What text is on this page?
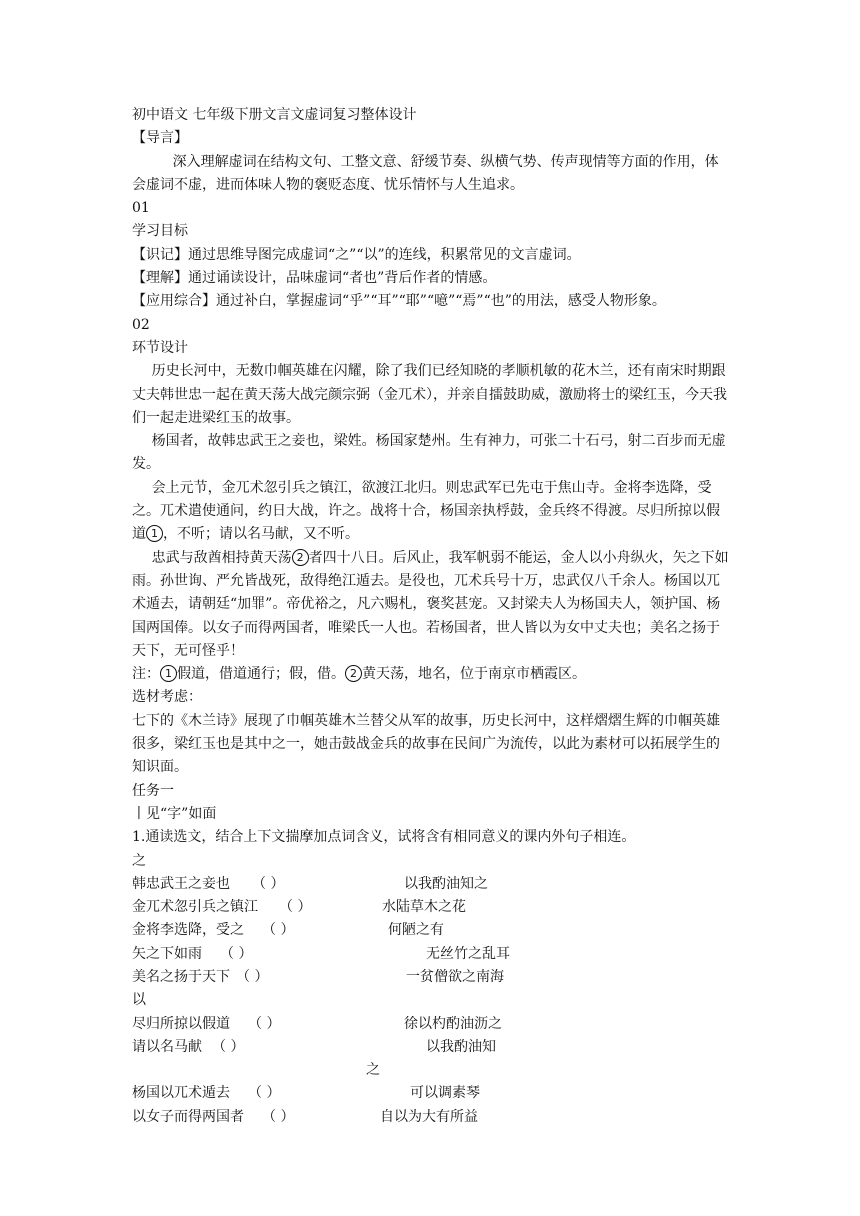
初中语文 七年级下册文言文虚词复习整体设计
【导言】
深入理解虚词在结构文句、工整文意、舒缓节奏、纵横气势、传声现情等方面的作用，体会虚词不虚，进而体味人物的褒贬态度、忧乐情怀与人生追求。
01
学习目标
【识记】通过思维导图完成虚词“之”“以”的连线，积累常见的文言虚词。
【理解】通过诵读设计，品味虚词“者也”背后作者的情感。
【应用综合】通过补白，掌握虚词“乎”“耳”“耶”“噫”“焉”“也”的用法，感受人物形象。
02
环节设计
历史长河中，无数巾帼英雄在闪耀，除了我们已经知晓的孝顺机敏的花木兰，还有南宋时期跟丈夫韩世忠一起在黄天荡大战完颜宗弼（金兀术），并亲自擂鼓助威，激励将士的梁红玉，今天我们一起走进梁红玉的故事。
杨国者，故韩忠武王之妾也，梁姓。杨国家楚州。生有神力，可张二十石弓，射二百步而无虚发。
会上元节，金兀术忽引兵之镇江，欲渡江北归。则忠武军已先屯于焦山寺。金将李选降，受之。兀术遣使通问，约日大战，许之。战将十合，杨国亲执桴鼓，金兵终不得渡。尽归所掠以假道 1 ，不听；请以名马献，又不听。
忠武与敌酋相持黄天荡 2 者四十八日。后风止，我军帆弱不能运，金人以小舟纵火，矢之下如雨。孙世询、严允皆战死，敌得绝江遁去。是役也，兀术兵号十万，忠武仅八千余人。杨国以兀术遁去，请朝廷“加罪”。帝优裕之，凡六赐札，褒奖甚宠。又封梁夫人为杨国夫人，领护国、杨国两国俸。以女子而得两国者，唯梁氏一人也。若杨国者，世人皆以为女中丈夫也；美名之扬于天下，无可怪乎！
注： 1 假道，借道通行；假，借。 2 黄天荡，地名，位于南京市栖霞区。
选材考虑：
七下的《木兰诗》展现了巾帼英雄木兰替父从军的故事，历史长河中，这样熠熠生辉的巾帼英雄很多，梁红玉也是其中之一，她击鼓战金兵的故事在民间广为流传，以此为素材可以拓展学生的知识面。
任务一
丨见“字”如面
1.通读选文，结合上下文揣摩加点词含义，试将含有相同意义的课内外句子相连。
之
韩忠武王之妾也 （ ）	以我酌油知之
金兀术忽引兵之镇江 （ ）	水陆草木之花
金将李选降，受之 （ ）	何陋之有
矢之下如雨 （ ）	无丝竹之乱耳
美名之扬于天下 （ ）	一贫僧欲之南海
以
尽归所掠以假道 （ ）	徐以杓酌油沥之
请以名马献 （ ）	以我酌油知
之
杨国以兀术遁去 （ ）	可以调素琴
以女子而得两国者 （ ）	自以为大有所益
